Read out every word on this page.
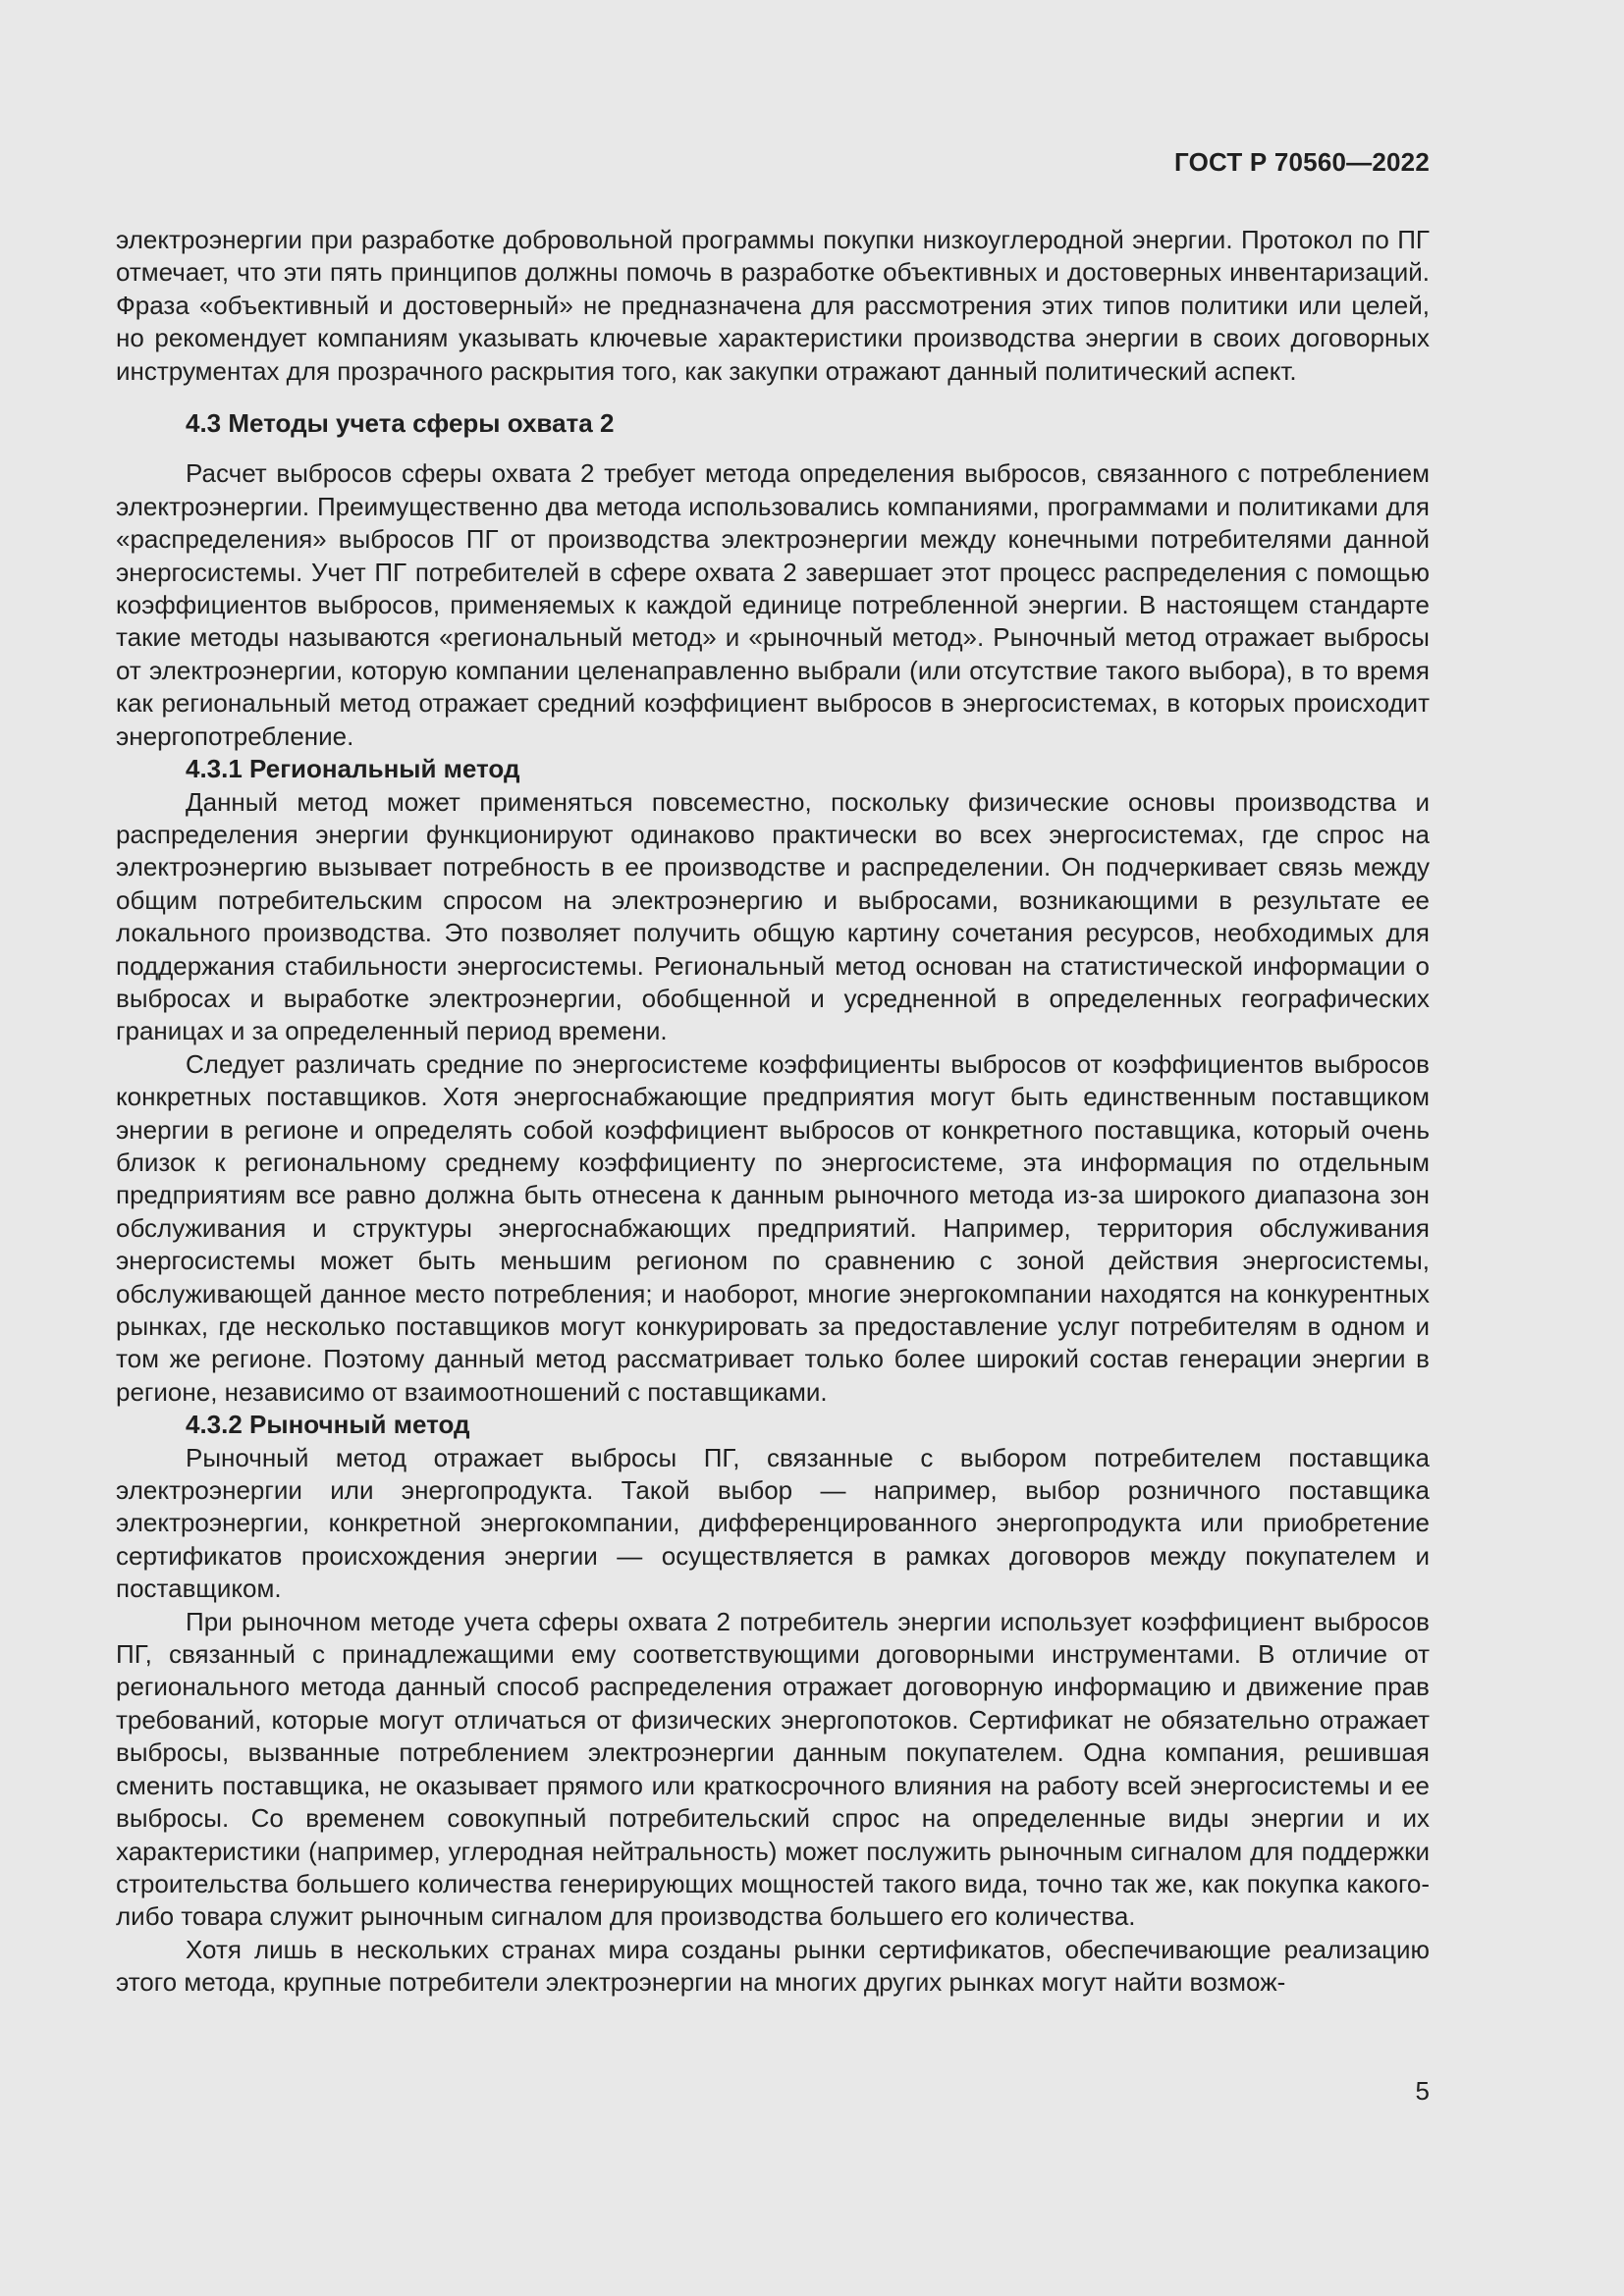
ГОСТ Р 70560—2022

электроэнергии при разработке добровольной программы покупки низкоуглеродной энергии. Протокол по ПГ отмечает, что эти пять принципов должны помочь в разработке объективных и достоверных инвентаризаций. Фраза «объективный и достоверный» не предназначена для рассмотрения этих типов политики или целей, но рекомендует компаниям указывать ключевые характеристики производства энергии в своих договорных инструментах для прозрачного раскрытия того, как закупки отражают данный политический аспект.

4.3 Методы учета сферы охвата 2

Расчет выбросов сферы охвата 2 требует метода определения выбросов, связанного с потреблением электроэнергии. Преимущественно два метода использовались компаниями, программами и политиками для «распределения» выбросов ПГ от производства электроэнергии между конечными потребителями данной энергосистемы. Учет ПГ потребителей в сфере охвата 2 завершает этот процесс распределения с помощью коэффициентов выбросов, применяемых к каждой единице потребленной энергии. В настоящем стандарте такие методы называются «региональный метод» и «рыночный метод». Рыночный метод отражает выбросы от электроэнергии, которую компании целенаправленно выбрали (или отсутствие такого выбора), в то время как региональный метод отражает средний коэффициент выбросов в энергосистемах, в которых происходит энергопотребление.

4.3.1 Региональный метод

Данный метод может применяться повсеместно, поскольку физические основы производства и распределения энергии функционируют одинаково практически во всех энергосистемах, где спрос на электроэнергию вызывает потребность в ее производстве и распределении. Он подчеркивает связь между общим потребительским спросом на электроэнергию и выбросами, возникающими в результате ее локального производства. Это позволяет получить общую картину сочетания ресурсов, необходимых для поддержания стабильности энергосистемы. Региональный метод основан на статистической информации о выбросах и выработке электроэнергии, обобщенной и усредненной в определенных географических границах и за определенный период времени.

Следует различать средние по энергосистеме коэффициенты выбросов от коэффициентов выбросов конкретных поставщиков. Хотя энергоснабжающие предприятия могут быть единственным поставщиком энергии в регионе и определять собой коэффициент выбросов от конкретного поставщика, который очень близок к региональному среднему коэффициенту по энергосистеме, эта информация по отдельным предприятиям все равно должна быть отнесена к данным рыночного метода из-за широкого диапазона зон обслуживания и структуры энергоснабжающих предприятий. Например, территория обслуживания энергосистемы может быть меньшим регионом по сравнению с зоной действия энергосистемы, обслуживающей данное место потребления; и наоборот, многие энергокомпании находятся на конкурентных рынках, где несколько поставщиков могут конкурировать за предоставление услуг потребителям в одном и том же регионе. Поэтому данный метод рассматривает только более широкий состав генерации энергии в регионе, независимо от взаимоотношений с поставщиками.

4.3.2 Рыночный метод

Рыночный метод отражает выбросы ПГ, связанные с выбором потребителем поставщика электроэнергии или энергопродукта. Такой выбор — например, выбор розничного поставщика электроэнергии, конкретной энергокомпании, дифференцированного энергопродукта или приобретение сертификатов происхождения энергии — осуществляется в рамках договоров между покупателем и поставщиком.

При рыночном методе учета сферы охвата 2 потребитель энергии использует коэффициент выбросов ПГ, связанный с принадлежащими ему соответствующими договорными инструментами. В отличие от регионального метода данный способ распределения отражает договорную информацию и движение прав требований, которые могут отличаться от физических энергопотоков. Сертификат не обязательно отражает выбросы, вызванные потреблением электроэнергии данным покупателем. Одна компания, решившая сменить поставщика, не оказывает прямого или краткосрочного влияния на работу всей энергосистемы и ее выбросы. Со временем совокупный потребительский спрос на определенные виды энергии и их характеристики (например, углеродная нейтральность) может послужить рыночным сигналом для поддержки строительства большего количества генерирующих мощностей такого вида, точно так же, как покупка какого-либо товара служит рыночным сигналом для производства большего его количества.

Хотя лишь в нескольких странах мира созданы рынки сертификатов, обеспечивающие реализацию этого метода, крупные потребители электроэнергии на многих других рынках могут найти возмож-

5
